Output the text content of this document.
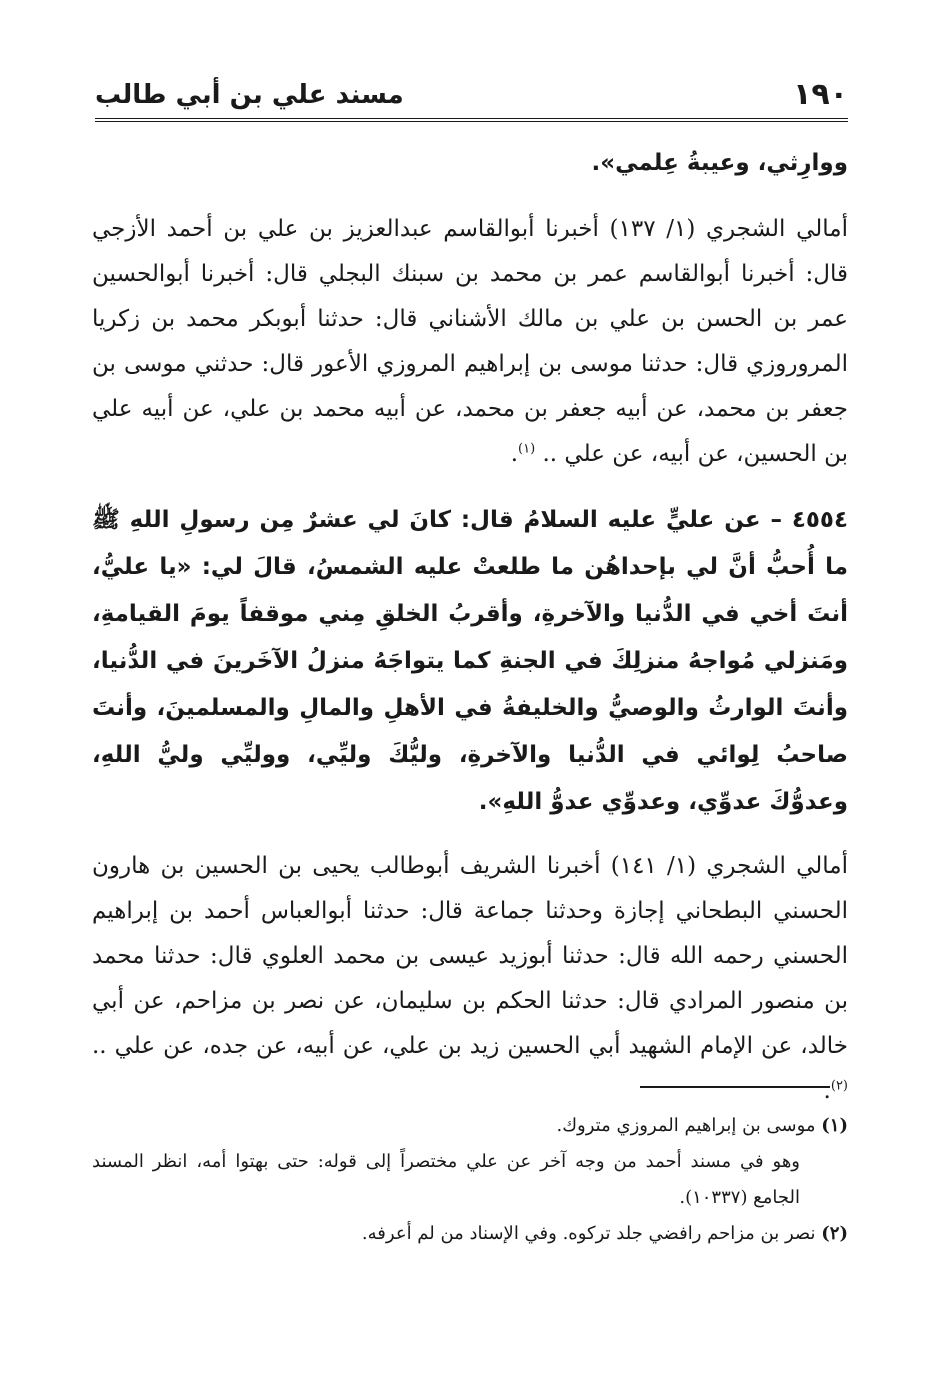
١٩٠
مسند علي بن أبي طالب

ووارِثي، وعيبةُ عِلمي».

أمالي الشجري (١/ ١٣٧) أخبرنا أبوالقاسم عبدالعزيز بن علي بن أحمد الأزجي قال: أخبرنا أبوالقاسم عمر بن محمد بن سبنك البجلي قال: أخبرنا أبوالحسين عمر بن الحسن بن علي بن مالك الأشناني قال: حدثنا أبوبكر محمد بن زكريا المروروزي قال: حدثنا موسى بن إبراهيم المروزي الأعور قال: حدثني موسى بن جعفر بن محمد، عن أبيه جعفر بن محمد، عن أبيه محمد بن علي، عن أبيه علي بن الحسين، عن أبيه، عن علي .. $^{(١)}$.

٤٥٥٤ – عن عليٍّ عليه السلامُ قال: كانَ لي عشرٌ مِن رسولِ اللهِ ﷺ ما أُحبُّ أنَّ لي بإحداهُن ما طلعتْ عليه الشمسُ، قالَ لي: «يا عليُّ، أنتَ أخي في الدُّنيا والآخرةِ، وأقربُ الخلقِ مِني موقفاً يومَ القيامةِ، ومَنزلي مُواجهُ منزلِكَ في الجنةِ كما يتواجَهُ منزلُ الآخَرينَ في الدُّنيا، وأنتَ الوارثُ والوصيُّ والخليفةُ في الأهلِ والمالِ والمسلمينَ، وأنتَ صاحبُ لِوائي في الدُّنيا والآخرةِ، وليُّكَ وليِّي، ووليِّي وليُّ اللهِ، وعدوُّكَ عدوِّي، وعدوِّي عدوُّ اللهِ».

أمالي الشجري (١/ ١٤١) أخبرنا الشريف أبوطالب يحيى بن الحسين بن هارون الحسني البطحاني إجازة وحدثنا جماعة قال: حدثنا أبوالعباس أحمد بن إبراهيم الحسني رحمه الله قال: حدثنا أبوزيد عيسى بن محمد العلوي قال: حدثنا محمد بن منصور المرادي قال: حدثنا الحكم بن سليمان، عن نصر بن مزاحم، عن أبي خالد، عن الإمام الشهيد أبي الحسين زيد بن علي، عن أبيه، عن جده، عن علي .. $^{(٢)}$.

(١) موسى بن إبراهيم المروزي متروك.

وهو في مسند أحمد من وجه آخر عن علي مختصراً إلى قوله: حتى بهتوا أمه، انظر المسند الجامع (١٠٣٣٧).

(٢) نصر بن مزاحم رافضي جلد تركوه. وفي الإسناد من لم أعرفه.
